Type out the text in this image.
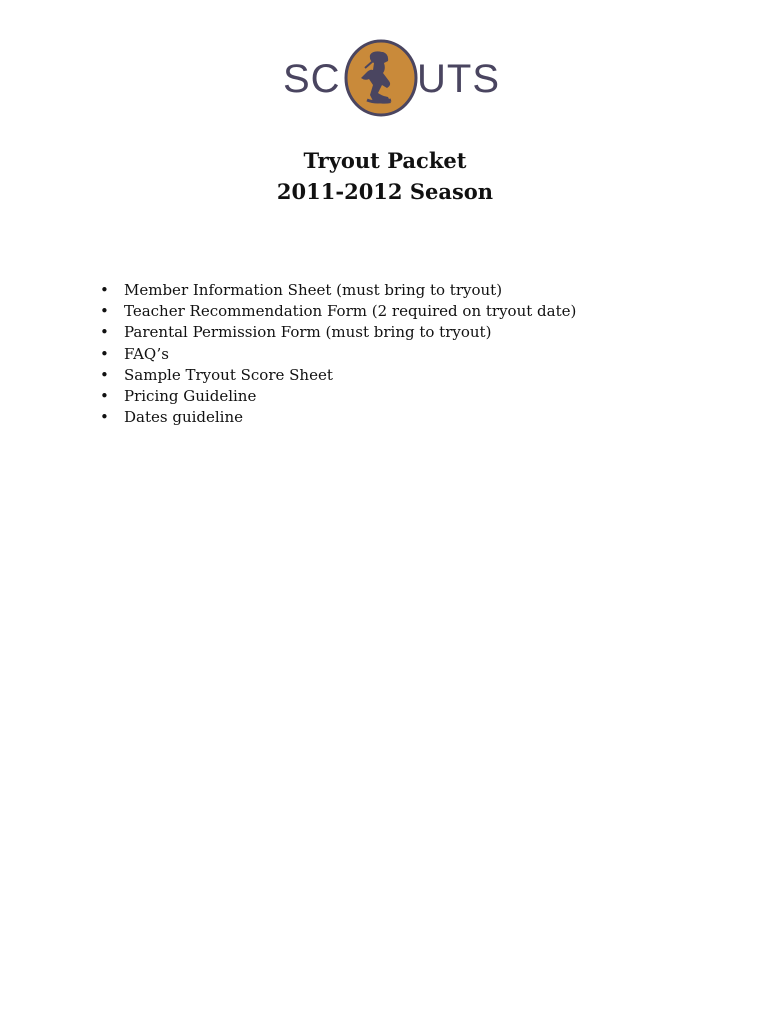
SC UTS
Tryout Packet
2011-2012 Season
• Member Information Sheet (must bring to tryout)
• Teacher Recommendation Form (2 required on tryout date)
• Parental Permission Form (must bring to tryout)
• FAQ’s
• Sample Tryout Score Sheet
• Pricing Guideline
• Dates guideline
